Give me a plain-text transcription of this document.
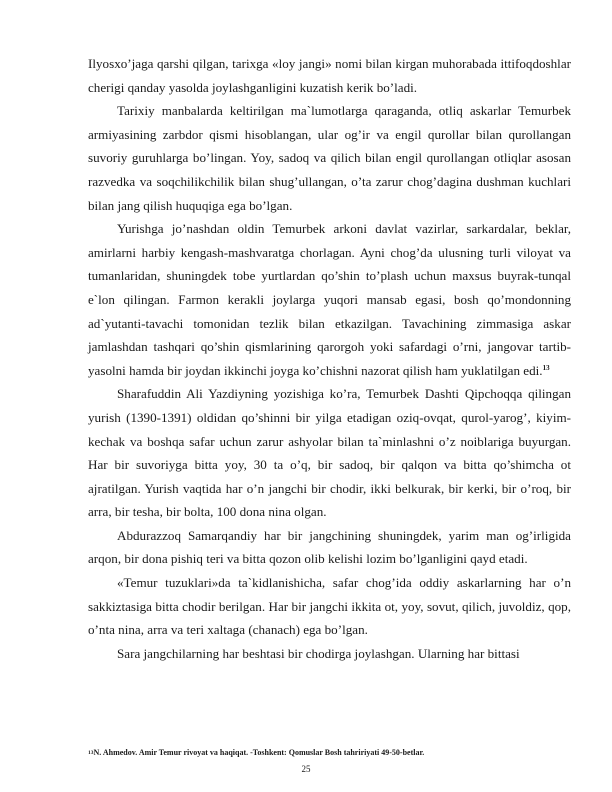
Ilyosxo’jaga qarshi qilgan, tarixga «loy jangi» nomi bilan kirgan muhorabada ittifoqdoshlar cherigi qanday yasolda joylashganligini kuzatish kerik bo’ladi.

Tarixiy manbalarda keltirilgan ma`lumotlarga qaraganda, otliq askarlar Temurbek armiyasining zarbdor qismi hisoblangan, ular og’ir va engil qurollar bilan qurollangan suvoriy guruhlarga bo’lingan. Yoy, sadoq va qilich bilan engil qurollangan otliqlar asosan razvedka va soqchilikchilik bilan shug’ullangan, o’ta zarur chog’dagina dushman kuchlari bilan jang qilish huquqiga ega bo’lgan.

Yurishga jo’nashdan oldin Temurbek arkoni davlat vazirlar, sarkardalar, beklar, amirlarni harbiy kengash-mashvaratga chorlagan. Ayni chog’da ulusning turli viloyat va tumanlaridan, shuningdek tobe yurtlardan qo’shin to’plash uchun maxsus buyrak-tunqal e`lon qilingan. Farmon kerakli joylarga yuqori mansab egasi, bosh qo’mondonning ad`yutanti-tavachi tomonidan tezlik bilan etkazilgan. Tavachining zimmasiga askar jamlashdan tashqari qo’shin qismlarining qarorgoh yoki safardagi o’rni, jangovar tartib-yasolni hamda bir joydan ikkinchi joyga ko’chishni nazorat qilish ham yuklatilgan edi.$^{13}$

Sharafuddin Ali Yazdiyning yozishiga ko’ra, Temurbek Dashti Qipchoqqa qilingan yurish (1390-1391) oldidan qo’shinni bir yilga etadigan oziq-ovqat, qurol-yarog’, kiyim-kechak va boshqa safar uchun zarur ashyolar bilan ta`minlashni o’z noiblariga buyurgan. Har bir suvoriyga bitta yoy, 30 ta o’q, bir sadoq, bir qalqon va bitta qo’shimcha ot ajratilgan. Yurish vaqtida har o’n jangchi bir chodir, ikki belkurak, bir kerki, bir o’roq, bir arra, bir tesha, bir bolta, 100 dona nina olgan.

Abdurazzoq Samarqandiy har bir jangchining shuningdek, yarim man og’irligida arqon, bir dona pishiq teri va bitta qozon olib kelishi lozim bo’lganligini qayd etadi.

«Temur tuzuklari»da ta`kidlanishicha, safar chog’ida oddiy askarlarning har o’n sakkiztasiga bitta chodir berilgan. Har bir jangchi ikkita ot, yoy, sovut, qilich, juvoldiz, qop, o’nta nina, arra va teri xaltaga (chanach) ega bo’lgan.

Sara jangchilarning har beshtasi bir chodirga joylashgan. Ularning har bittasi

$^{13}$N. Ahmedov. Amir Temur rivoyat va haqiqat. -Toshkent: Qomuslar Bosh tahririyati 49-50-betlar.
25
